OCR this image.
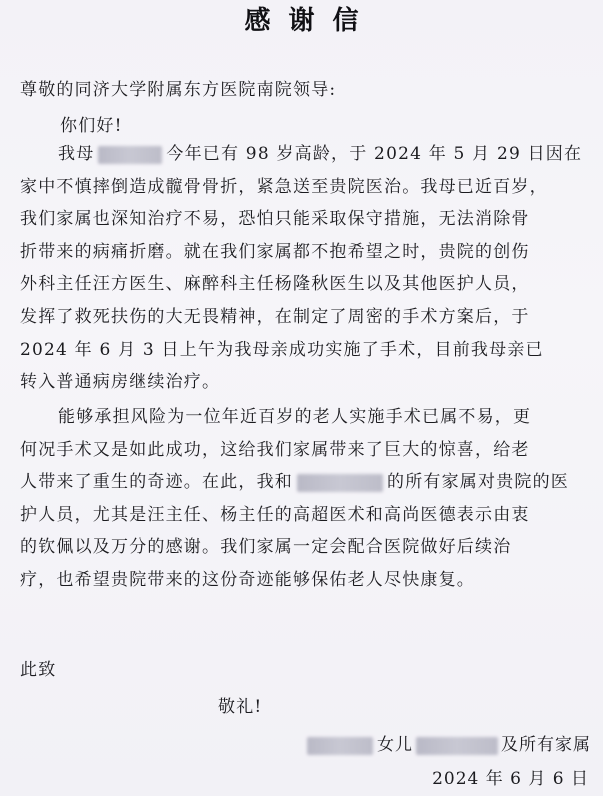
感谢信
尊敬的同济大学附属东方医院南院领导:
你们好!
我母	今年已有 98 岁高龄，于 2024 年 5 月 29 日因在
家中不慎摔倒造成髋骨骨折，紧急送至贵院医治。我母已近百岁，
我们家属也深知治疗不易，恐怕只能采取保守措施，无法消除骨
折带来的病痛折磨。就在我们家属都不抱希望之时，贵院的创伤
外科主任汪方医生、麻醉科主任杨隆秋医生以及其他医护人员，
发挥了救死扶伤的大无畏精神，在制定了周密的手术方案后，于
2024 年 6 月 3 日上午为我母亲成功实施了手术，目前我母亲已
转入普通病房继续治疗。
能够承担风险为一位年近百岁的老人实施手术已属不易，更
何况手术又是如此成功，这给我们家属带来了巨大的惊喜，给老
人带来了重生的奇迹。在此，我和	的所有家属对贵院的医
护人员，尤其是汪主任、杨主任的高超医术和高尚医德表示由衷
的钦佩以及万分的感谢。我们家属一定会配合医院做好后续治
疗，也希望贵院带来的这份奇迹能够保佑老人尽快康复。
此致
敬礼!
女儿	及所有家属
2024 年 6 月 6 日
